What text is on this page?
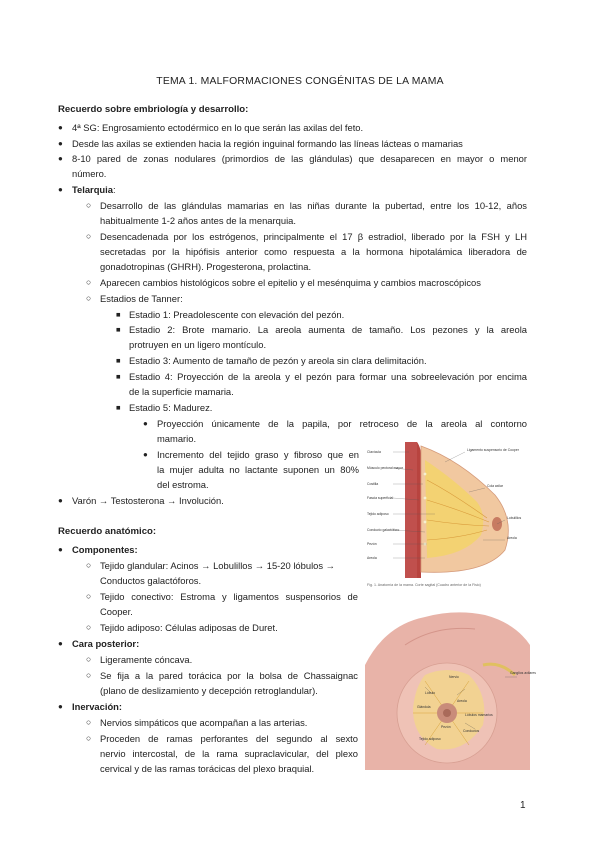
TEMA 1. MALFORMACIONES CONGÉNITAS DE LA MAMA
Recuerdo sobre embriología y desarrollo:
● 4ª SG: Engrosamiento ectodérmico en lo que serán las axilas del feto.
● Desde las axilas se extienden hacia la región inguinal formando las líneas lácteas o mamarias
● 8-10 pared de zonas nodulares (primordios de las glándulas) que desaparecen en mayor o menor
número.
● Telarquia:
○ Desarrollo de las glándulas mamarias en las niñas durante la pubertad, entre los 10-12, años
habitualmente 1-2 años antes de la menarquia.
○ Desencadenada por los estrógenos, principalmente el 17 β estradiol, liberado por la FSH y LH
secretadas por la hipófisis anterior como respuesta a la hormona hipotalámica liberadora de
gonadotropinas (GHRH). Progesterona, prolactina.
○ Aparecen cambios histológicos sobre el epitelio y el mesénquima y cambios macroscópicos
○ Estadios de Tanner:
■ Estadio 1: Preadolescente con elevación del pezón.
■ Estadio 2: Brote mamario. La areola aumenta de tamaño. Los pezones y la areola
protruyen en un ligero montículo.
■ Estadio 3: Aumento de tamaño de pezón y areola sin clara delimitación.
■ Estadio 4: Proyección de la areola y el pezón para formar una sobreelevación por encima
de la superficie mamaria.
■ Estadio 5: Madurez.
● Proyección únicamente de la papila, por retroceso de la areola al contorno
mamario.
● Incremento del tejido graso y fibroso que en
la mujer adulta no lactante suponen un 80%
del estroma.
● Varón → Testosterona → Involución.
Recuerdo anatómico:
● Componentes:
○ Tejido glandular: Acinos → Lobulillos → 15-20 lóbulos →
Conductos galactóforos.
○ Tejido conectivo: Estroma y ligamentos suspensorios de
Cooper.
○ Tejido adiposo: Células adiposas de Duret.
● Cara posterior:
○ Ligeramente cóncava.
○ Se fija a la pared torácica por la bolsa de Chassaignac
(plano de deslizamiento y decepción retroglandular).
● Inervación:
○ Nervios simpáticos que acompañan a las arterias.
○ Proceden de ramas perforantes del segundo al sexto
nervio intercostal, de la rama supraclavicular, del plexo
cervical y de las ramas torácicas del plexo braquial.
Clavícula
Músculo pectoral mayor
Costilla
Fascia superficial
Tejido adiposo
Conducto galactóforo
Pezón
Areola
Ligamento suspensorio de Cooper
Cola axilar
Lobulillos
Areola
Fig. 1. Anatomía de la mama. Corte sagital (Cuadro anterior de la Fisio)
Ganglios axilares
Nervio
Lóbulo
Areola
Pezón
Conductos
Tejido adiposo
Lóbulos mamarios
Glándula
1
